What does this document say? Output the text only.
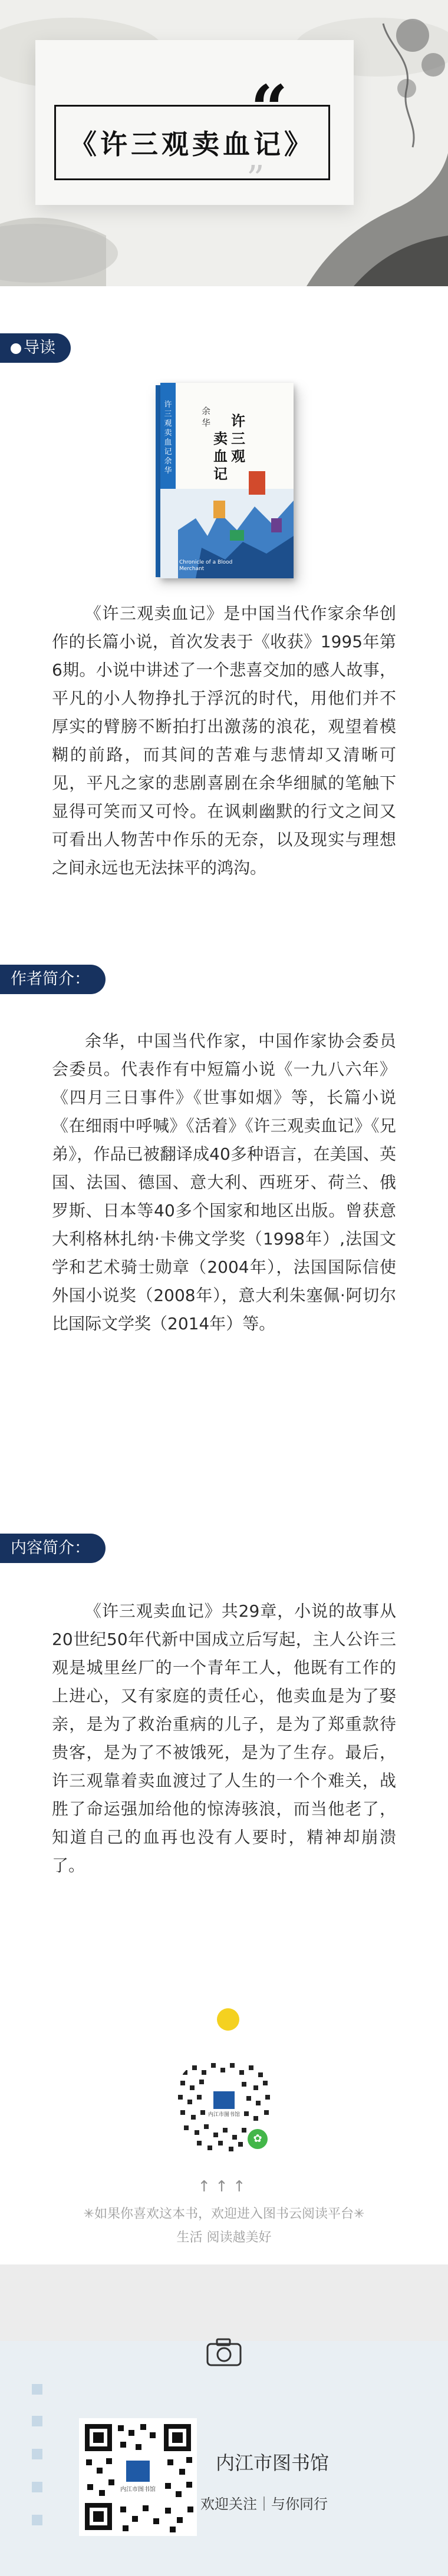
“
《许三观卖血记》
”
导读
许三观卖血记 余华
余华	许三观
卖血记
Chronicle of a Blood Merchant
《许三观卖血记》是中国当代作家余华创作的长篇小说，首次发表于《收获》1995年第6期。小说中讲述了一个悲喜交加的感人故事，平凡的小人物挣扎于浮沉的时代，用他们并不厚实的臂膀不断拍打出激荡的浪花，观望着模糊的前路，而其间的苦难与悲情却又清晰可见，平凡之家的悲剧喜剧在余华细腻的笔触下显得可笑而又可怜。在讽刺幽默的行文之间又可看出人物苦中作乐的无奈，以及现实与理想之间永远也无法抹平的鸿沟。
作者简介：
余华，中国当代作家，中国作家协会委员会委员。代表作有中短篇小说《一九八六年》《四月三日事件》《世事如烟》等，长篇小说《在细雨中呼喊》《活着》《许三观卖血记》《兄弟》，作品已被翻译成40多种语言，在美国、英国、法国、德国、意大利、西班牙、荷兰、俄罗斯、日本等40多个国家和地区出版。曾获意大利格林扎纳·卡佛文学奖（1998年）,法国文学和艺术骑士勋章（2004年），法国国际信使外国小说奖（2008年），意大利朱塞佩·阿切尔比国际文学奖（2014年）等。
内容简介：
《许三观卖血记》共29章，小说的故事从20世纪50年代新中国成立后写起，主人公许三观是城里丝厂的一个青年工人，他既有工作的上进心，又有家庭的责任心，他卖血是为了娶亲，是为了救治重病的儿子，是为了郑重款待贵客，是为了不被饿死，是为了生存。最后，许三观靠着卖血渡过了人生的一个个难关，战胜了命运强加给他的惊涛骇浪，而当他老了，知道自己的血再也没有人要时，精神却崩溃了。
内江市图书馆
✿
↑↑↑
✳如果你喜欢这本书，欢迎进入图书云阅读平台✳
生活 阅读越美好
内江市图书馆
内江市图书馆
欢迎关注｜与你同行
